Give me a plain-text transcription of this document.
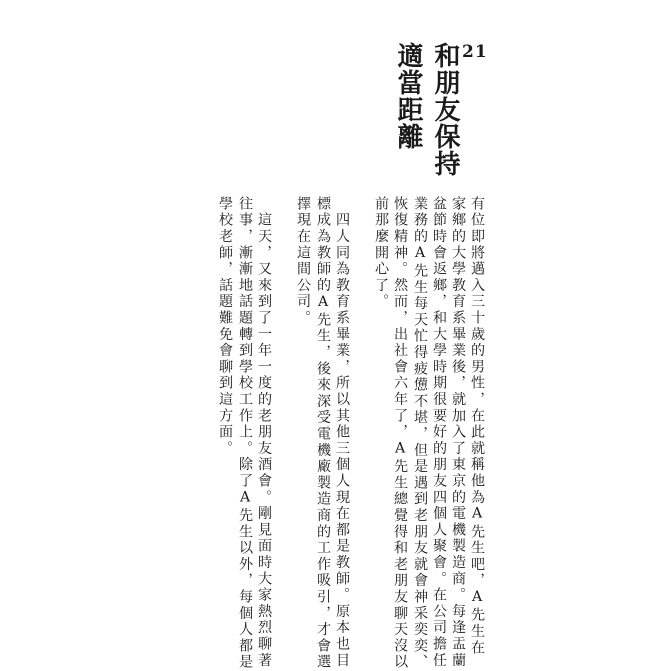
21
和朋友保持
適當距離
有位即將邁入三十歲的男性，在此就稱他為A先生吧，A先生在
家鄉的大學教育系畢業後，就加入了東京的電機製造商。每逢盂蘭
盆節時會返鄉，和大學時期很要好的朋友四個人聚會。在公司擔任
業務的A先生每天忙得疲憊不堪，但是遇到老朋友就會神采奕奕、
恢復精神。然而，出社會六年了，A先生總覺得和老朋友聊天沒以
前那麼開心了。
　四人同為教育系畢業，所以其他三個人現在都是教師。原本也目
標成為教師的A先生，後來深受電機廠製造商的工作吸引，才會選
擇現在這間公司。
　這天，又來到了一年一度的老朋友酒會。剛見面時大家熱烈聊著
往事，漸漸地話題轉到學校工作上。除了A先生以外，每個人都是
學校老師，話題難免會聊到這方面。
